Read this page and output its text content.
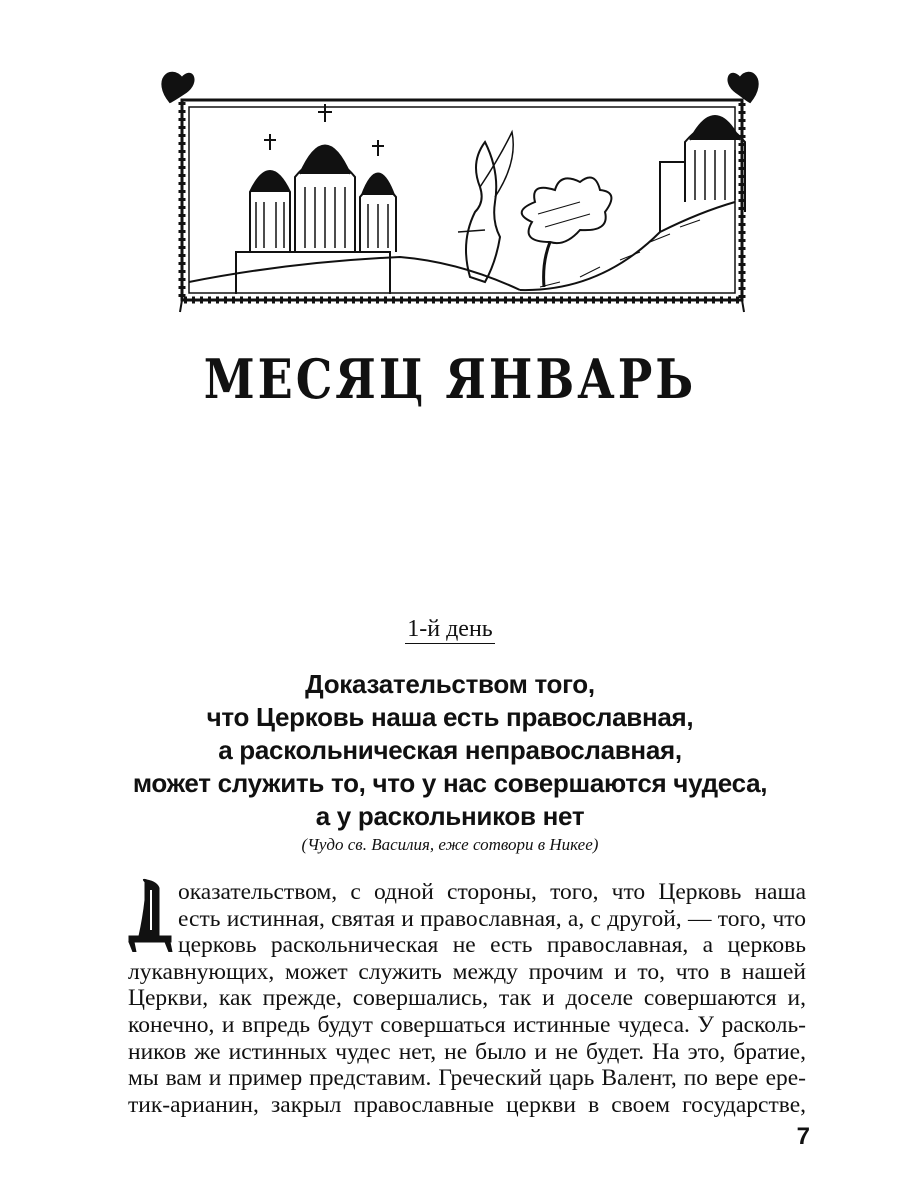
МЕСЯЦ ЯНВАРЬ
1-й день
Доказательством того,
что Церковь наша есть православная,
а раскольническая неправославная,
может служить то, что у нас совершаются чудеса,
а у раскольников нет
(Чудо св. Василия, еже сотвори в Никее)
оказательством, с одной стороны, того, что Церковь наша
есть истинная, святая и православная, а, с другой, — того, что
церковь раскольническая не есть православная, а церковь
лукавнующих, может служить между прочим и то, что в нашей
Церкви, как прежде, совершались, так и доселе совершаются и,
конечно, и впредь будут совершаться истинные чудеса. У расколь-
ников же истинных чудес нет, не было и не будет. На это, братие,
мы вам и пример представим. Греческий царь Валент, по вере ере-
тик-арианин, закрыл православные церкви в своем государстве,
7
